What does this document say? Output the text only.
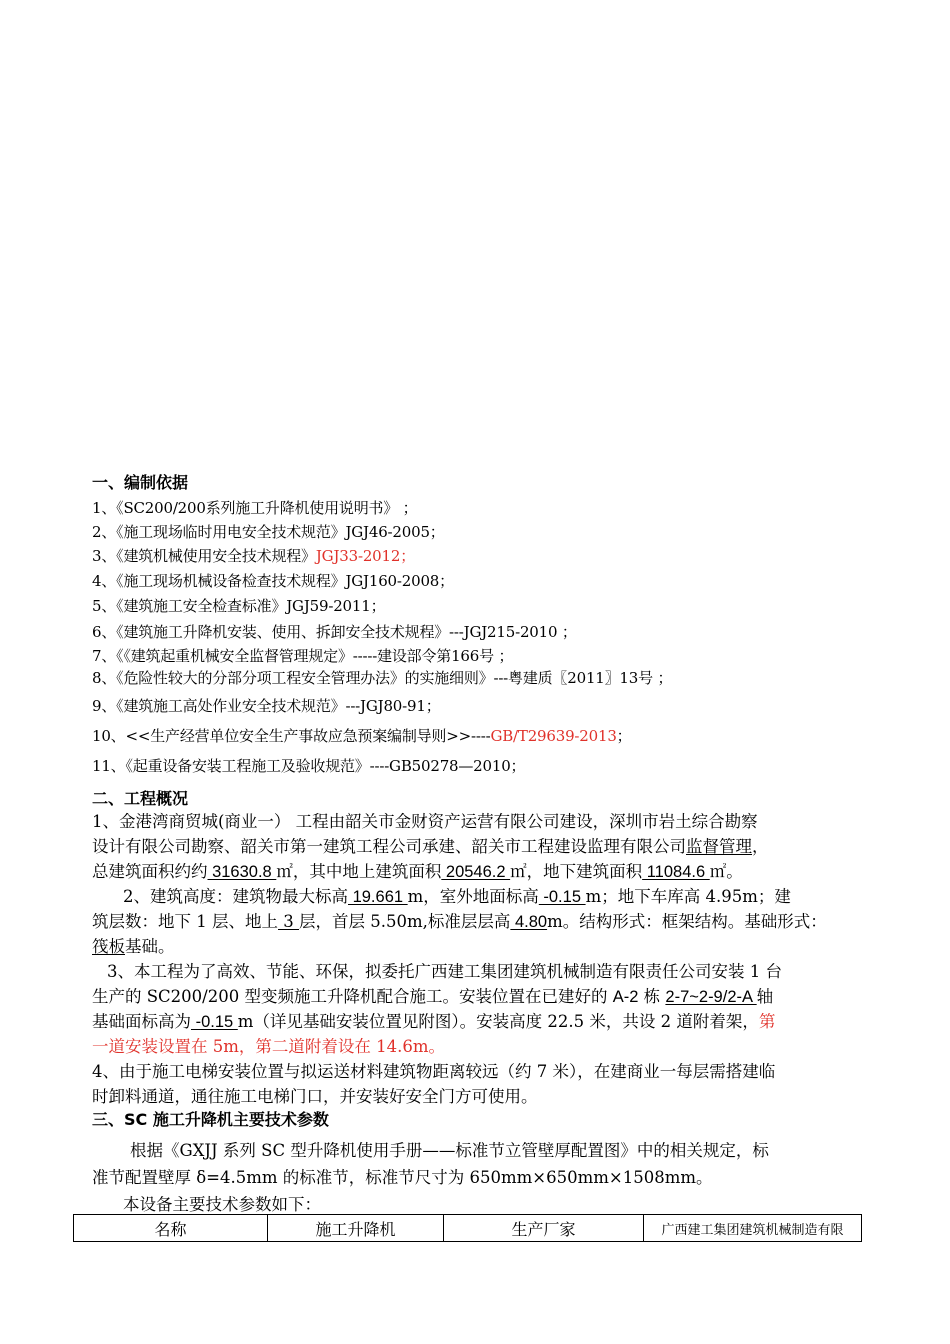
一、编制依据
1、《SC200/200系列施工升降机使用说明书》 ；
2、《施工现场临时用电安全技术规范》JGJ46-2005；
3、《建筑机械使用安全技术规程》JGJ33-2012；
4、《施工现场机械设备检查技术规程》JGJ160-2008；
5、《建筑施工安全检查标准》JGJ59-2011；
6、《建筑施工升降机安装、使用、拆卸安全技术规程》---JGJ215-2010 ；
7、《《建筑起重机械安全监督管理规定》-----建设部令第166号 ；
8、《危险性较大的分部分项工程安全管理办法》的实施细则》---粤建质〖2011〗13号 ；
9、《建筑施工高处作业安全技术规范》---JGJ80-91；
10、<<生产经营单位安全生产事故应急预案编制导则>>----GB/T29639-2013；
11、《起重设备安装工程施工及验收规范》----GB50278—2010；
二、工程概况
1、金港湾商贸城(商业一） 工程由韶关市金财资产运营有限公司建设，深圳市岩土综合勘察
设计有限公司勘察、韶关市第一建筑工程公司承建、韶关市工程建设监理有限公司监督管理，
总建筑面积约约 31630.8 ㎡，其中地上建筑面积 20546.2 ㎡，地下建筑面积 11084.6 ㎡。
2、建筑高度：建筑物最大标高 19.661 m，室外地面标高 -0.15 m；地下车库高 4.95m；建
筑层数：地下 1 层、地上 3 层，首层 5.50m,标准层层高 4.80m。结构形式：框架结构。基础形式：
筏板基础。
3、本工程为了高效、节能、环保，拟委托广西建工集团建筑机械制造有限责任公司安装 1 台
生产的 SC200/200 型变频施工升降机配合施工。安装位置在已建好的 A-2 栋 2-7~2-9/2-A 轴
基础面标高为 -0.15 m（详见基础安装位置见附图）。安装高度 22.5 米，共设 2 道附着架，第
一道安装设置在 5m，第二道附着设在 14.6m。
4、由于施工电梯安装位置与拟运送材料建筑物距离较远（约 7 米），在建商业一每层需搭建临
时卸料通道，通往施工电梯门口，并安装好安全门方可使用。
三、SC 施工升降机主要技术参数
根据《GXJJ 系列 SC 型升降机使用手册——标准节立管壁厚配置图》中的相关规定，标
准节配置壁厚 δ=4.5mm 的标准节，标准节尺寸为 650mm×650mm×1508mm。
本设备主要技术参数如下：
名称	施工升降机	生产厂家	广西建工集团建筑机械制造有限
